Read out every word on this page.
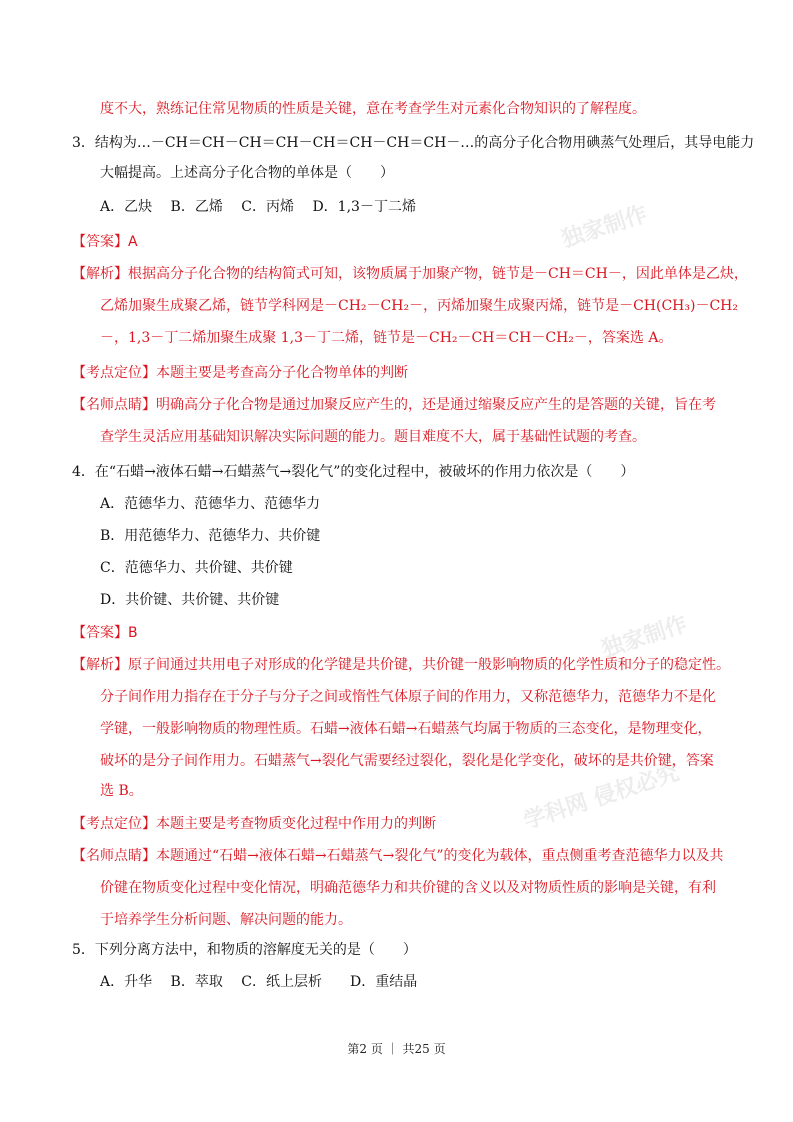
独家制作
独家制作
学科网 侵权必究
度不大，熟练记住常见物质的性质是关键，意在考查学生对元素化合物知识的了解程度。
3．结构为…－CH＝CH－CH＝CH－CH＝CH－CH＝CH－…的高分子化合物用碘蒸气处理后，其导电能力
大幅提高。上述高分子化合物的单体是（　　）
A．乙炔　 B．乙烯　 C．丙烯　 D．1,3－丁二烯
【答案】A
【解析】根据高分子化合物的结构简式可知，该物质属于加聚产物，链节是－CH＝CH－，因此单体是乙炔，
乙烯加聚生成聚乙烯，链节学科网是－CH₂－CH₂－，丙烯加聚生成聚丙烯，链节是－CH(CH₃)－CH₂
－，1,3－丁二烯加聚生成聚 1,3－丁二烯，链节是－CH₂－CH＝CH－CH₂－，答案选 A。
【考点定位】本题主要是考查高分子化合物单体的判断
【名师点睛】明确高分子化合物是通过加聚反应产生的，还是通过缩聚反应产生的是答题的关键，旨在考
查学生灵活应用基础知识解决实际问题的能力。题目难度不大，属于基础性试题的考查。
4．在“石蜡→液体石蜡→石蜡蒸气→裂化气”的变化过程中，被破坏的作用力依次是（　　）
A．范德华力、范德华力、范德华力
B．用范德华力、范德华力、共价键
C．范德华力、共价键、共价键
D．共价键、共价键、共价键
【答案】B
【解析】原子间通过共用电子对形成的化学键是共价键，共价键一般影响物质的化学性质和分子的稳定性。
分子间作用力指存在于分子与分子之间或惰性气体原子间的作用力，又称范德华力，范德华力不是化
学键，一般影响物质的物理性质。石蜡→液体石蜡→石蜡蒸气均属于物质的三态变化，是物理变化，
破坏的是分子间作用力。石蜡蒸气→裂化气需要经过裂化，裂化是化学变化，破坏的是共价键，答案
选 B。
【考点定位】本题主要是考查物质变化过程中作用力的判断
【名师点睛】本题通过“石蜡→液体石蜡→石蜡蒸气→裂化气”的变化为载体，重点侧重考查范德华力以及共
价键在物质变化过程中变化情况，明确范德华力和共价键的含义以及对物质性质的影响是关键，有利
于培养学生分析问题、解决问题的能力。
5．下列分离方法中，和物质的溶解度无关的是（　　）
A．升华　 B．萃取　 C．纸上层析　　D．重结晶
第2 页 ｜ 共25 页
